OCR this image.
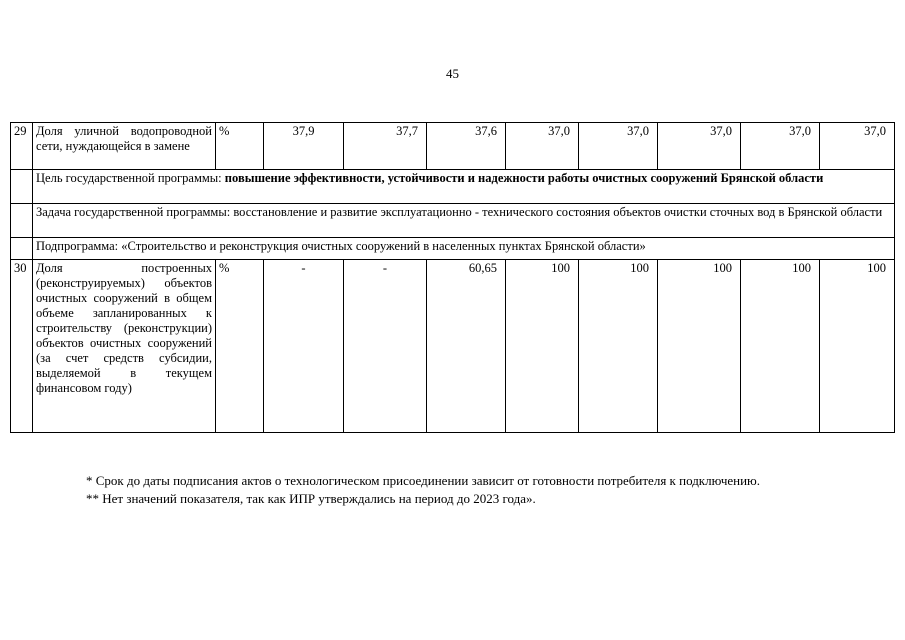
45
29	Доля уличной водопроводной сети, нуждающейся в замене	%	37,9	37,7	37,6	37,0	37,0	37,0	37,0	37,0
	Цель государственной программы: повышение эффективности, устойчивости и надежности работы очистных сооружений Брянской области									
	Задача государственной программы: восстановление и развитие эксплуатационно - технического состояния объектов очистки сточных вод в Брянской области									
	Подпрограмма: «Строительство и реконструкция очистных сооружений в населенных пунктах Брянской области»									
30	Доля построенных (реконструируемых) объектов очистных сооружений в общем объеме запланированных к строительству (реконструкции) объектов очистных сооружений (за счет средств субсидии, выделяемой в текущем финансовом году)	%	-	-	60,65	100	100	100	100	100

* Срок до даты подписания актов о технологическом присоединении зависит от готовности потребителя к подключению.

** Нет значений показателя, так как ИПР утверждались на период до 2023 года».
